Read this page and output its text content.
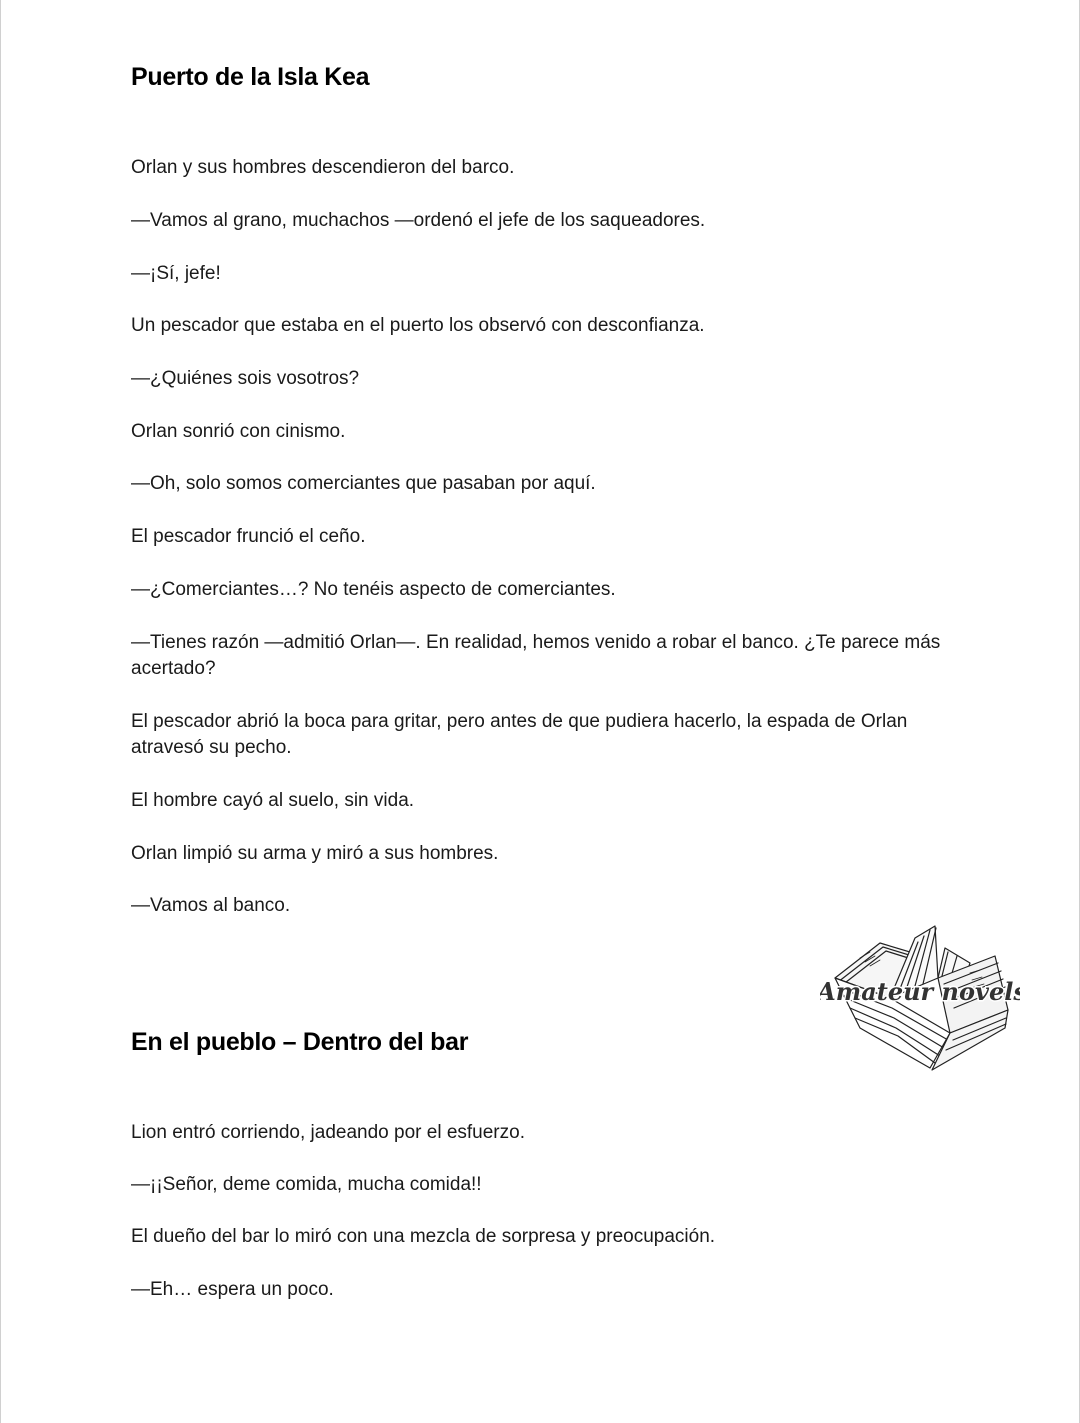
Puerto de la Isla Kea

Orlan y sus hombres descendieron del barco.

—Vamos al grano, muchachos —ordenó el jefe de los saqueadores.

—¡Sí, jefe!

Un pescador que estaba en el puerto los observó con desconfianza.

—¿Quiénes sois vosotros?

Orlan sonrió con cinismo.

—Oh, solo somos comerciantes que pasaban por aquí.

El pescador frunció el ceño.

—¿Comerciantes…? No tenéis aspecto de comerciantes.

—Tienes razón —admitió Orlan—. En realidad, hemos venido a robar el banco. ¿Te parece más acertado?

El pescador abrió la boca para gritar, pero antes de que pudiera hacerlo, la espada de Orlan atravesó su pecho.

El hombre cayó al suelo, sin vida.

Orlan limpió su arma y miró a sus hombres.

—Vamos al banco.

Amateur novels
En el pueblo – Dentro del bar

Lion entró corriendo, jadeando por el esfuerzo.

—¡¡Señor, deme comida, mucha comida!!

El dueño del bar lo miró con una mezcla de sorpresa y preocupación.

—Eh… espera un poco.
